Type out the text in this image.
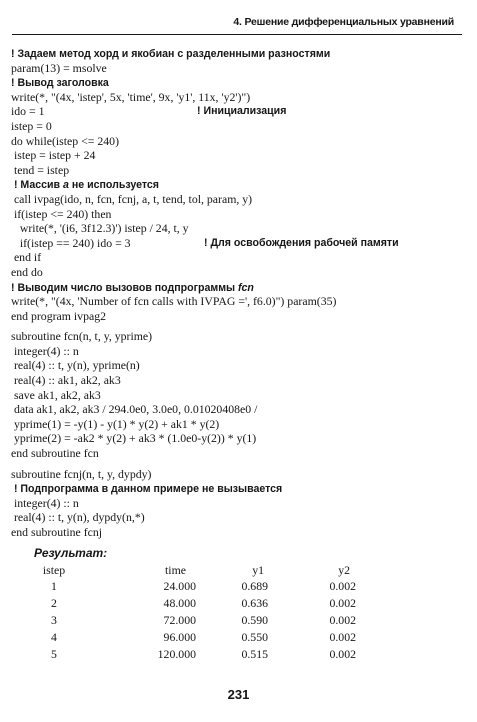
4. Решение дифференциальных уравнений
! Задаем метод хорд и якобиан с разделенными разностями
param(13) = msolve
! Вывод заголовка
write(*, "(4x, 'istep', 5x, 'time', 9x, 'y1', 11x, 'y2')")
ido = 1	! Инициализация
istep = 0
do while(istep <= 240)
istep = istep + 24
tend = istep
! Массив a не используется
call ivpag(ido, n, fcn, fcnj, a, t, tend, tol, param, y)
if(istep <= 240) then
write(*, '(i6, 3f12.3)') istep / 24, t, y
if(istep == 240) ido = 3	! Для освобождения рабочей памяти
end if
end do
! Выводим число вызовов подпрограммы fcn
write(*, "(4x, 'Number of fcn calls with IVPAG =', f6.0)") param(35)
end program ivpag2
subroutine fcn(n, t, y, yprime)
integer(4) :: n
real(4) :: t, y(n), yprime(n)
real(4) :: ak1, ak2, ak3
save ak1, ak2, ak3
data ak1, ak2, ak3 / 294.0e0, 3.0e0, 0.01020408e0 /
yprime(1) = -y(1) - y(1) * y(2) + ak1 * y(2)
yprime(2) = -ak2 * y(2) + ak3 * (1.0e0-y(2)) * y(1)
end subroutine fcn
subroutine fcnj(n, t, y, dypdy)
! Подпрограмма в данном примере не вызывается
integer(4) :: n
real(4) :: t, y(n), dypdy(n,*)
end subroutine fcnj
Результат:
istep	time	y1	y2
1	24.000	0.689	0.002
2	48.000	0.636	0.002
3	72.000	0.590	0.002
4	96.000	0.550	0.002
5	120.000	0.515	0.002
231
